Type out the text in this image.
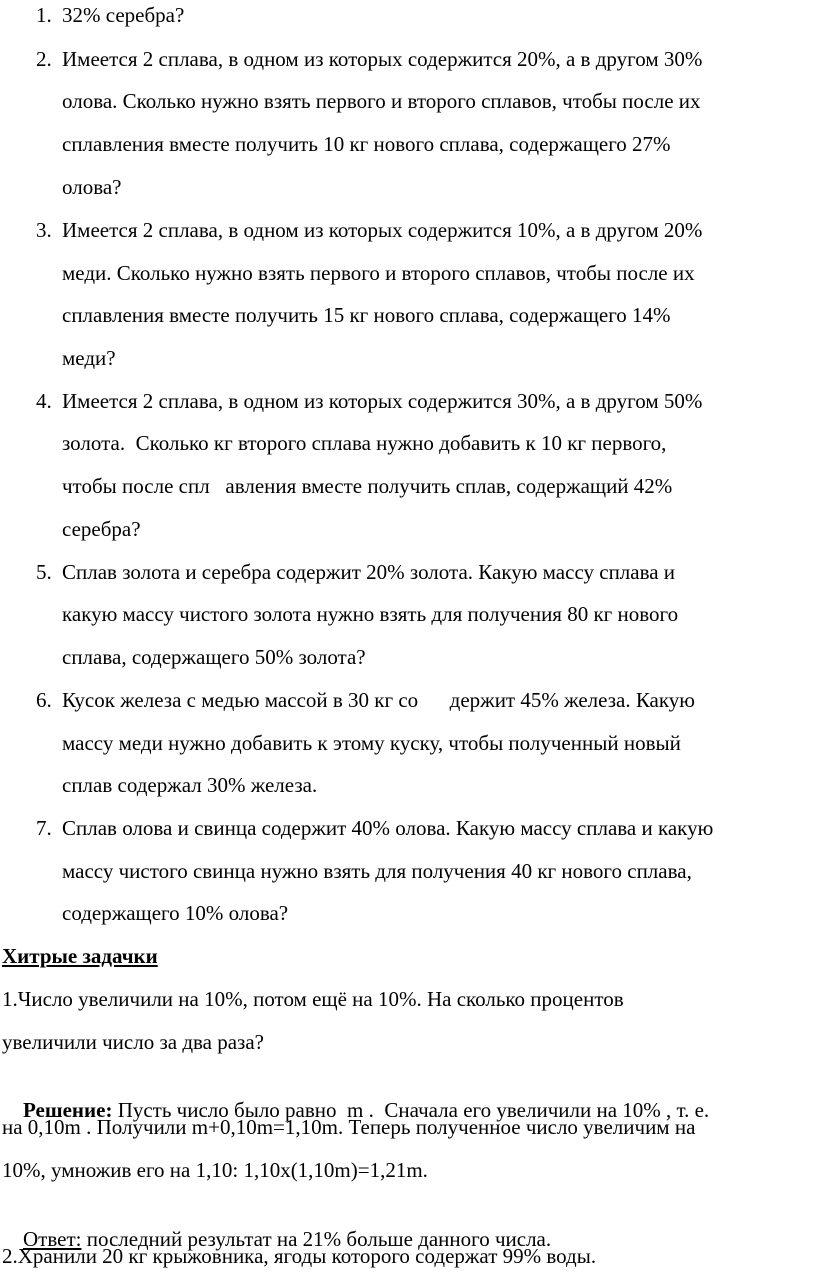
1. 32% серебра?
2. Имеется 2 сплава, в одном из которых содержится 20%, а в другом 30%
олова. Сколько нужно взять первого и второго сплавов, чтобы после их
сплавления вместе получить 10 кг нового сплава, содержащего 27%
олова?
3. Имеется 2 сплава, в одном из которых содержится 10%, а в другом 20%
меди. Сколько нужно взять первого и второго сплавов, чтобы после их
сплавления вместе получить 15 кг нового сплава, содержащего 14%
меди?
4. Имеется 2 сплава, в одном из которых содержится 30%, а в другом 50%
золота.  Сколько кг второго сплава нужно добавить к 10 кг первого,
чтобы после спл   авления вместе получить сплав, содержащий 42%
серебра?
5. Сплав золота и серебра содержит 20% золота. Какую массу сплава и
какую массу чистого золота нужно взять для получения 80 кг нового
сплава, содержащего 50% золота?
6. Кусок железа с медью массой в 30 кг со      держит 45% железа. Какую
массу меди нужно добавить к этому куску, чтобы полученный новый
сплав содержал 30% железа.
7. Сплав олова и свинца содержит 40% олова. Какую массу сплава и какую
массу чистого свинца нужно взять для получения 40 кг нового сплава,
содержащего 10% олова?
Хитрые задачки
1.Число увеличили на 10%, потом ещё на 10%. На сколько процентов
увеличили число за два раза?

Решение: Пусть число было равно  m .  Сначала его увеличили на 10% , т. е.

на 0,10m . Получили m+0,10m=1,10m. Теперь полученное число увеличим на
10%, умножив его на 1,10: 1,10x(1,10m)=1,21m.

Ответ: последний результат на 21% больше данного числа.

2.Хранили 20 кг крыжовника, ягоды которого содержат 99% воды.
